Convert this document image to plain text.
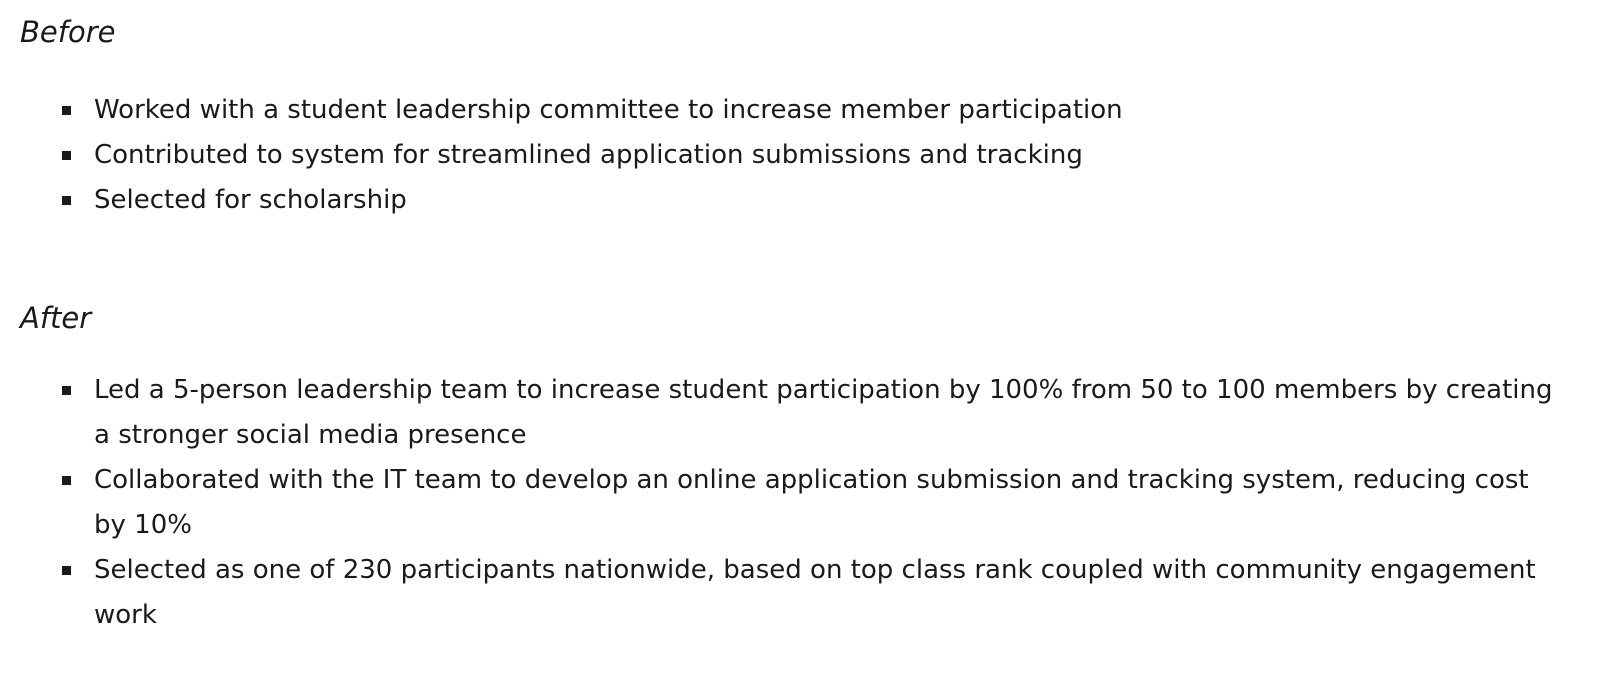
Before
Worked with a student leadership committee to increase member participation
Contributed to system for streamlined application submissions and tracking
Selected for scholarship
After
Led a 5-person leadership team to increase student participation by 100% from 50 to 100 members by creating a stronger social media presence
Collaborated with the IT team to develop an online application submission and tracking system, reducing cost by 10%
Selected as one of 230 participants nationwide, based on top class rank coupled with community engagement work
